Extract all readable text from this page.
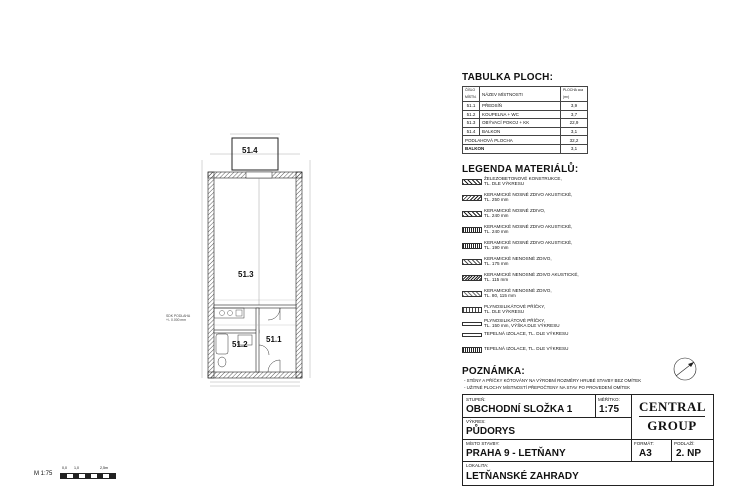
51.4
51.3
51.2
51.1
SDK PODLAHA
+/- 0.000 mm
M 1:75
0,0 1,0	2,5m
TABULKA PLOCH:
ČÍSLO MÍSTN.	NÁZEV MÍSTNOSTI	PLOCHA cca (m²)
51.1	PŘEDSÍŇ	3,9
51.2	KOUPELNA + WC	3,7
51.3	OBÝVACÍ POKOJ + KK	22,9
51.4	BALKON	3,1
PODLAHOVÁ PLOCHA		32,2
BALKON		3,1
LEGENDA MATERIÁLŮ:
ŽELEZOBETONOVÉ KONSTRUKCE,
TL. DLE VÝKRESU
KERAMICKÉ NOSNÉ ZDIVO AKUSTICKÉ,
TL. 250 mm
KERAMICKÉ NOSNÉ ZDIVO,
TL. 240 mm
KERAMICKÉ NOSNÉ ZDIVO AKUSTICKÉ,
TL. 240 mm
KERAMICKÉ NOSNÉ ZDIVO AKUSTICKÉ,
TL. 190 mm
KERAMICKÉ NENOSNÉ ZDIVO,
TL. 175 mm
KERAMICKÉ NENOSNÉ ZDIVO AKUSTICKÉ,
TL. 115 mm
KERAMICKÉ NENOSNÉ ZDIVO,
TL. 80, 115 mm
PLYNOSILIKÁTOVÉ PŘÍČKY,
TL. DLE VÝKRESU
PLYNOSILIKÁTOVÉ PŘÍČKY,
TL. 150 mm, VÝŠKA DLE VÝKRESU
TEPELNÁ IZOLACE, TL. DLE VÝKRESU
TEPELNÁ IZOLACE, TL. DLE VÝKRESU
POZNÁMKA:
- STĚNY A PŘÍČKY KÓTOVÁNY NA VÝROBNÍ ROZMĚRY HRUBÉ STAVBY BEZ OMÍTEK
- UŽITNÉ PLOCHY MÍSTNOSTÍ PŘEPOČTENY NA STAV PO PROVEDENÍ OMÍTEK
STUPEŇ:
OBCHODNÍ SLOŽKA 1
MĚŘÍTKO:
1:75 CENTRAL
GROUP
VÝKRES:
PŮDORYS
MÍSTO STAVBY:
PRAHA 9 - LETŇANY
FORMÁT:
A3
PODLAŽÍ:
2. NP
LOKALITA:
LETŇANSKÉ ZAHRADY
